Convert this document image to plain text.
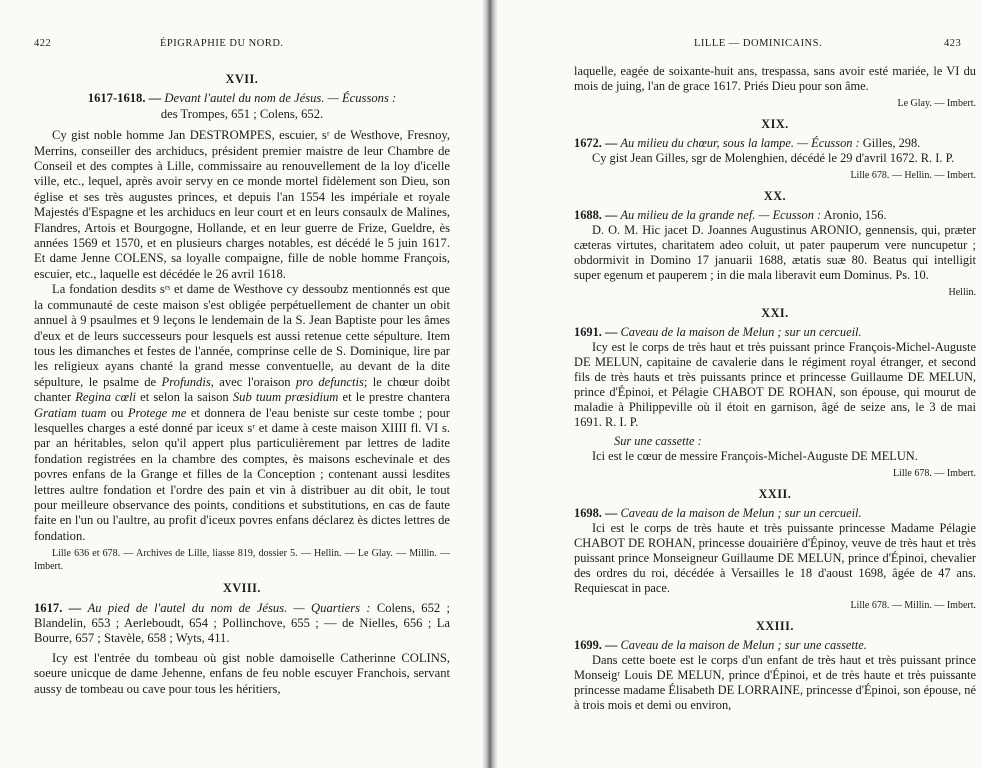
422	ÉPIGRAPHIE DU NORD.
XVII.
1617-1618. — Devant l'autel du nom de Jésus. — Écussons :
des Trompes, 651 ; Colens, 652.

Cy gist noble homme Jan DESTROMPES, escuier, sʳ de Westhove, Fresnoy, Merrins, conseiller des archiducs, président premier maistre de leur Chambre de Conseil et des comptes à Lille, commissaire au renouvellement de la loy d'icelle ville, etc., lequel, après avoir servy en ce monde mortel fidèlement son Dieu, son église et ses très augustes princes, et depuis l'an 1554 les impériale et royale Majestés d'Espagne et les archiducs en leur court et en leurs consaulx de Malines, Flandres, Artois et Bourgogne, Hollande, et en leur guerre de Frize, Gueldre, ès années 1569 et 1570, et en plusieurs charges notables, est décédé le 5 juin 1617. Et dame Jenne COLENS, sa loyalle compaigne, fille de noble homme François, escuier, etc., laquelle est décédée le 26 avril 1618.

La fondation desdits sʳˢ et dame de Westhove cy dessoubz mentionnés est que la communauté de ceste maison s'est obligée perpétuellement de chanter un obit annuel à 9 psaulmes et 9 leçons le lendemain de la S. Jean Baptiste pour les âmes d'eux et de leurs successeurs pour lesquels est aussi retenue cette sépulture. Item tous les dimanches et festes de l'année, comprinse celle de S. Dominique, lire par les religieux ayans chanté la grand messe conventuelle, au devant de la dite sépulture, le psalme de Profundis, avec l'oraison pro defunctis; le chœur doibt chanter Regina cœli et selon la saison Sub tuum præsidium et le prestre chantera Gratiam tuam ou Protege me et donnera de l'eau beniste sur ceste tombe ; pour lesquelles charges a esté donné par iceux sʳ et dame à ceste maison XIIII fl. VI s. par an héritables, selon qu'il appert plus particulièrement par lettres de ladite fondation registrées en la chambre des comptes, ès maisons eschevinale et des povres enfans de la Grange et filles de la Conception ; contenant aussi lesdites lettres aultre fondation et l'ordre des pain et vin à distribuer au dit obit, le tout pour meilleure observance des points, conditions et substitutions, en cas de faute faite en l'un ou l'aultre, au profit d'iceux povres enfans déclarez ès dictes lettres de fondation.

Lille 636 et 678. — Archives de Lille, liasse 819, dossier 5. — Hellin. — Le Glay. — Millin. — Imbert.
XVIII.
1617. — Au pied de l'autel du nom de Jésus. — Quartiers : Colens, 652 ; Blandelin, 653 ; Aerleboudt, 654 ; Pollinchove, 655 ; — de Nielles, 656 ; La Bourre, 657 ; Stavèle, 658 ; Wyts, 411.

Icy est l'entrée du tombeau où gist noble damoiselle Catherinne COLINS, soeure unicque de dame Jehenne, enfans de feu noble escuyer Franchois, servant aussy de tombeau ou cave pour tous les héritiers,

LILLE — DOMINICAINS.	423
laquelle, eagée de soixante-huit ans, trespassa, sans avoir esté mariée, le VI du mois de juing, l'an de grace 1617. Priés Dieu pour son âme.
Le Glay. — Imbert.
XIX.
1672. — Au milieu du chœur, sous la lampe. — Écusson : Gilles, 298.

Cy gist Jean Gilles, sgr de Molenghien, décédé le 29 d'avril 1672. R. I. P.

Lille 678. — Hellin. — Imbert.
XX.
1688. — Au milieu de la grande nef. — Ecusson : Aronio, 156.

D. O. M. Hic jacet D. Joannes Augustinus ARONIO, gennensis, qui, præter cæteras virtutes, charitatem adeo coluit, ut pater pauperum vere nuncupetur ; obdormivit in Domino 17 januarii 1688, ætatis suæ 80. Beatus qui intelligit super egenum et pauperem ; in die mala liberavit eum Dominus. Ps. 10.

Hellin.
XXI.
1691. — Caveau de la maison de Melun ; sur un cercueil.

Icy est le corps de très haut et très puissant prince François-Michel-Auguste DE MELUN, capitaine de cavalerie dans le régiment royal étranger, et second fils de très hauts et très puissants prince et princesse Guillaume DE MELUN, prince d'Épinoi, et Pélagie CHABOT DE ROHAN, son épouse, qui mourut de maladie à Philippeville où il étoit en garnison, âgé de seize ans, le 3 de mai 1691. R. I. P.

Sur une cassette :

Ici est le cœur de messire François-Michel-Auguste DE MELUN.

Lille 678. — Imbert.
XXII.
1698. — Caveau de la maison de Melun ; sur un cercueil.

Ici est le corps de très haute et très puissante princesse Madame Pélagie CHABOT DE ROHAN, princesse douairière d'Épinoy, veuve de très haut et très puissant prince Monseigneur Guillaume DE MELUN, prince d'Épinoi, chevalier des ordres du roi, décédée à Versailles le 18 d'aoust 1698, âgée de 47 ans. Requiescat in pace.

Lille 678. — Millin. — Imbert.
XXIII.
1699. — Caveau de la maison de Melun ; sur une cassette.

Dans cette boete est le corps d'un enfant de très haut et très puissant prince Monseigʳ Louis DE MELUN, prince d'Épinoi, et de très haute et très puissante princesse madame Élisabeth DE LORRAINE, princesse d'Épinoi, son épouse, né à trois mois et demi ou environ,
